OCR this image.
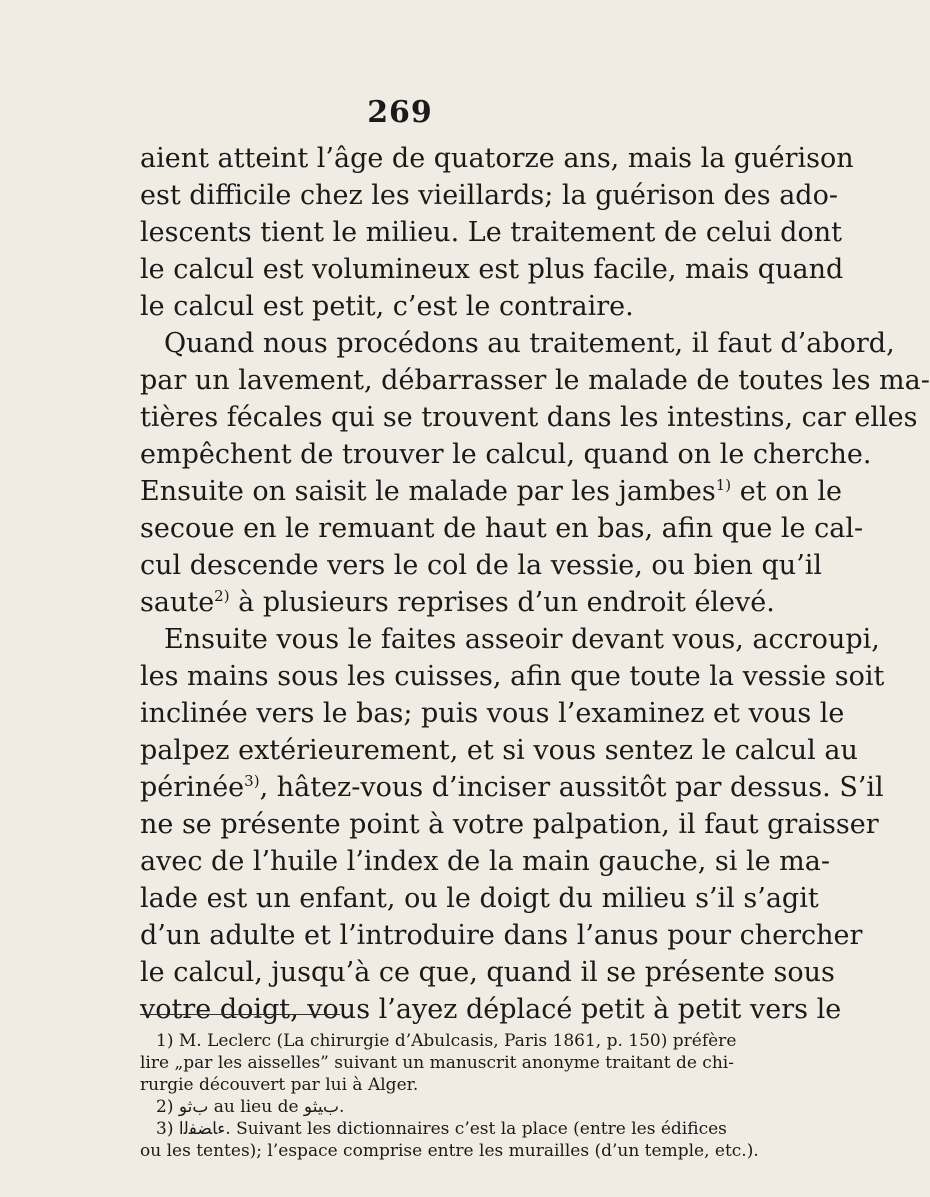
269
aient atteint l’âge de quatorze ans, mais la guérison
est difficile chez les vieillards; la guérison des ado-
lescents tient le milieu. Le traitement de celui dont
le calcul est volumineux est plus facile, mais quand
le calcul est petit, c’est le contraire.
Quand nous procédons au traitement, il faut d’abord,
par un lavement, débarrasser le malade de toutes les ma-
tières fécales qui se trouvent dans les intestins, car elles
empêchent de trouver le calcul, quand on le cherche.
Ensuite on saisit le malade par les jambes$^{1)}$ et on le
secoue en le remuant de haut en bas, afin que le cal-
cul descende vers le col de la vessie, ou bien qu’il
saute$^{2)}$ à plusieurs reprises d’un endroit élevé.
Ensuite vous le faites asseoir devant vous, accroupi,
les mains sous les cuisses, afin que toute la vessie soit
inclinée vers le bas; puis vous l’examinez et vous le
palpez extérieurement, et si vous sentez le calcul au
périnée$^{3)}$, hâtez-vous d’inciser aussitôt par dessus. S’il
ne se présente point à votre palpation, il faut graisser
avec de l’huile l’index de la main gauche, si le ma-
lade est un enfant, ou le doigt du milieu s’il s’agit
d’un adulte et l’introduire dans l’anus pour chercher
le calcul, jusqu’à ce que, quand il se présente sous
votre doigt, vous l’ayez déplacé petit à petit vers le
1) M. Leclerc (La chirurgie d’Abulcasis, Paris 1861, p. 150) préfère
lire „par les aisselles” suivant un manuscrit anonyme traitant de chi-
rurgie découvert par lui à Alger.
2) ﺏﺛﻮ au lieu de ﺏﻴﺜﻮ.
3) ﺀﺎﻀﻔﻟﺍ. Suivant les dictionnaires c’est la place (entre les édifices
ou les tentes); l’espace comprise entre les murailles (d’un temple, etc.).
